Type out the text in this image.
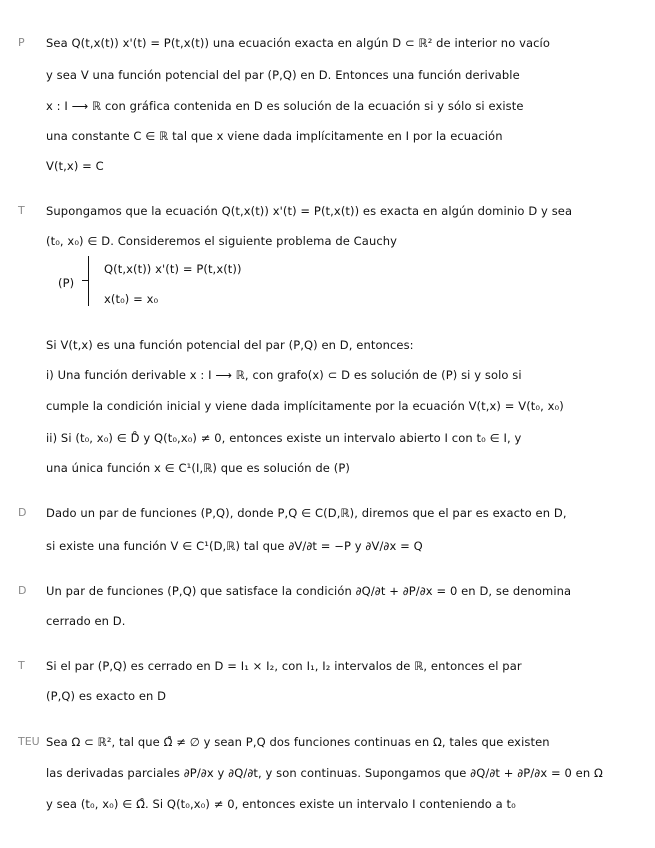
P Sea Q(t,x(t)) x'(t) = P(t,x(t)) una ecuación exacta en algún D ⊂ ℝ² de interior no vacío
y sea V una función potencial del par (P,Q) en D. Entonces una función derivable
x : I ⟶ ℝ con gráfica contenida en D es solución de la ecuación si y sólo si existe
una constante C ∈ ℝ tal que x viene dada implícitamente en I por la ecuación
V(t,x) = C
T Supongamos que la ecuación Q(t,x(t)) x'(t) = P(t,x(t)) es exacta en algún dominio D y sea
(t₀, x₀) ∈ D. Consideremos el siguiente problema de Cauchy
(P)
Q(t,x(t)) x'(t) = P(t,x(t))
x(t₀) = x₀
Si V(t,x) es una función potencial del par (P,Q) en D, entonces:
i) Una función derivable x : I ⟶ ℝ, con grafo(x) ⊂ D es solución de (P) si y solo si
cumple la condición inicial y viene dada implícitamente por la ecuación V(t,x) = V(t₀, x₀)
ii) Si (t₀, x₀) ∈ D̊ y Q(t₀,x₀) ≠ 0, entonces existe un intervalo abierto I con t₀ ∈ I, y
una única función x ∈ C¹(I,ℝ) que es solución de (P)
D Dado un par de funciones (P,Q), donde P,Q ∈ C(D,ℝ), diremos que el par es exacto en D,
si existe una función V ∈ C¹(D,ℝ) tal que ∂V/∂t = −P y ∂V/∂x = Q
D Un par de funciones (P,Q) que satisface la condición ∂Q/∂t + ∂P/∂x = 0 en D, se denomina
cerrado en D.
T Si el par (P,Q) es cerrado en D = I₁ × I₂, con I₁, I₂ intervalos de ℝ, entonces el par
(P,Q) es exacto en D
TEU Sea Ω ⊂ ℝ², tal que Ω̊ ≠ ∅ y sean P,Q dos funciones continuas en Ω, tales que existen
las derivadas parciales ∂P/∂x y ∂Q/∂t, y son continuas. Supongamos que ∂Q/∂t + ∂P/∂x = 0 en Ω
y sea (t₀, x₀) ∈ Ω̊. Si Q(t₀,x₀) ≠ 0, entonces existe un intervalo I conteniendo a t₀
